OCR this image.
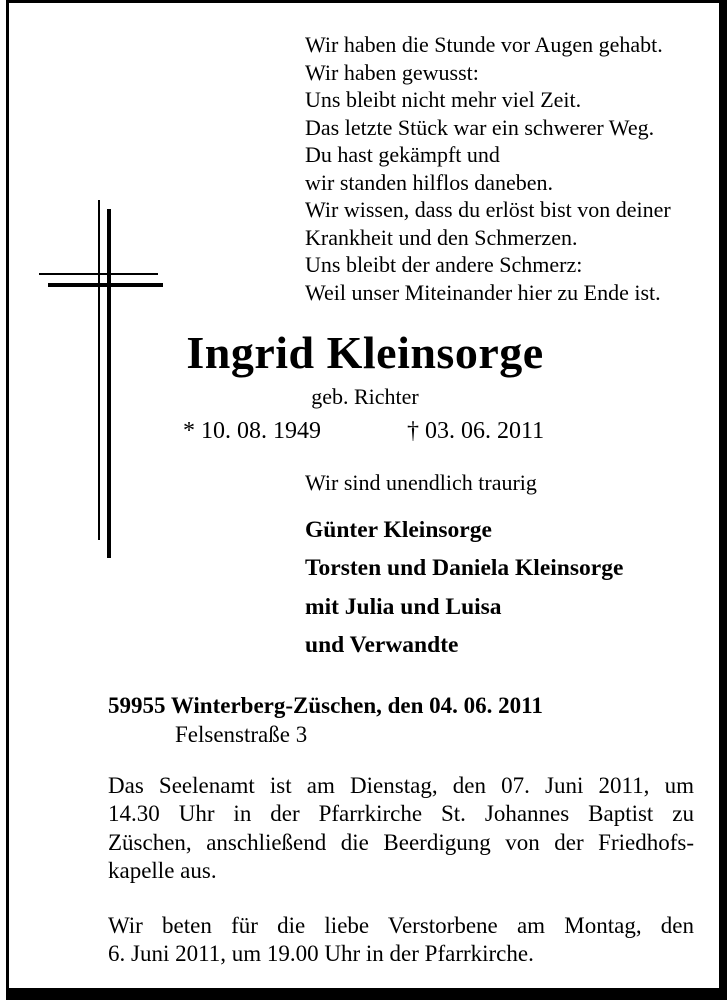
Wir haben die Stunde vor Augen gehabt.
Wir haben gewusst:
Uns bleibt nicht mehr viel Zeit.
Das letzte Stück war ein schwerer Weg.
Du hast gekämpft und
wir standen hilflos daneben.
Wir wissen, dass du erlöst bist von deiner
Krankheit und den Schmerzen.
Uns bleibt der andere Schmerz:
Weil unser Miteinander hier zu Ende ist.
Ingrid Kleinsorge
geb. Richter
* 10. 08. 1949	† 03. 06. 2011
Wir sind unendlich traurig
Günter Kleinsorge
Torsten und Daniela Kleinsorge
mit Julia und Luisa
und Verwandte
59955 Winterberg-Züschen, den 04. 06. 2011
Felsenstraße 3
Das Seelenamt ist am Dienstag, den 07. Juni 2011, um
14.30 Uhr in der Pfarrkirche St. Johannes Baptist zu
Züschen, anschließend die Beerdigung von der Friedhofs-
kapelle aus.
Wir beten für die liebe Verstorbene am Montag, den
6. Juni 2011, um 19.00 Uhr in der Pfarrkirche.
